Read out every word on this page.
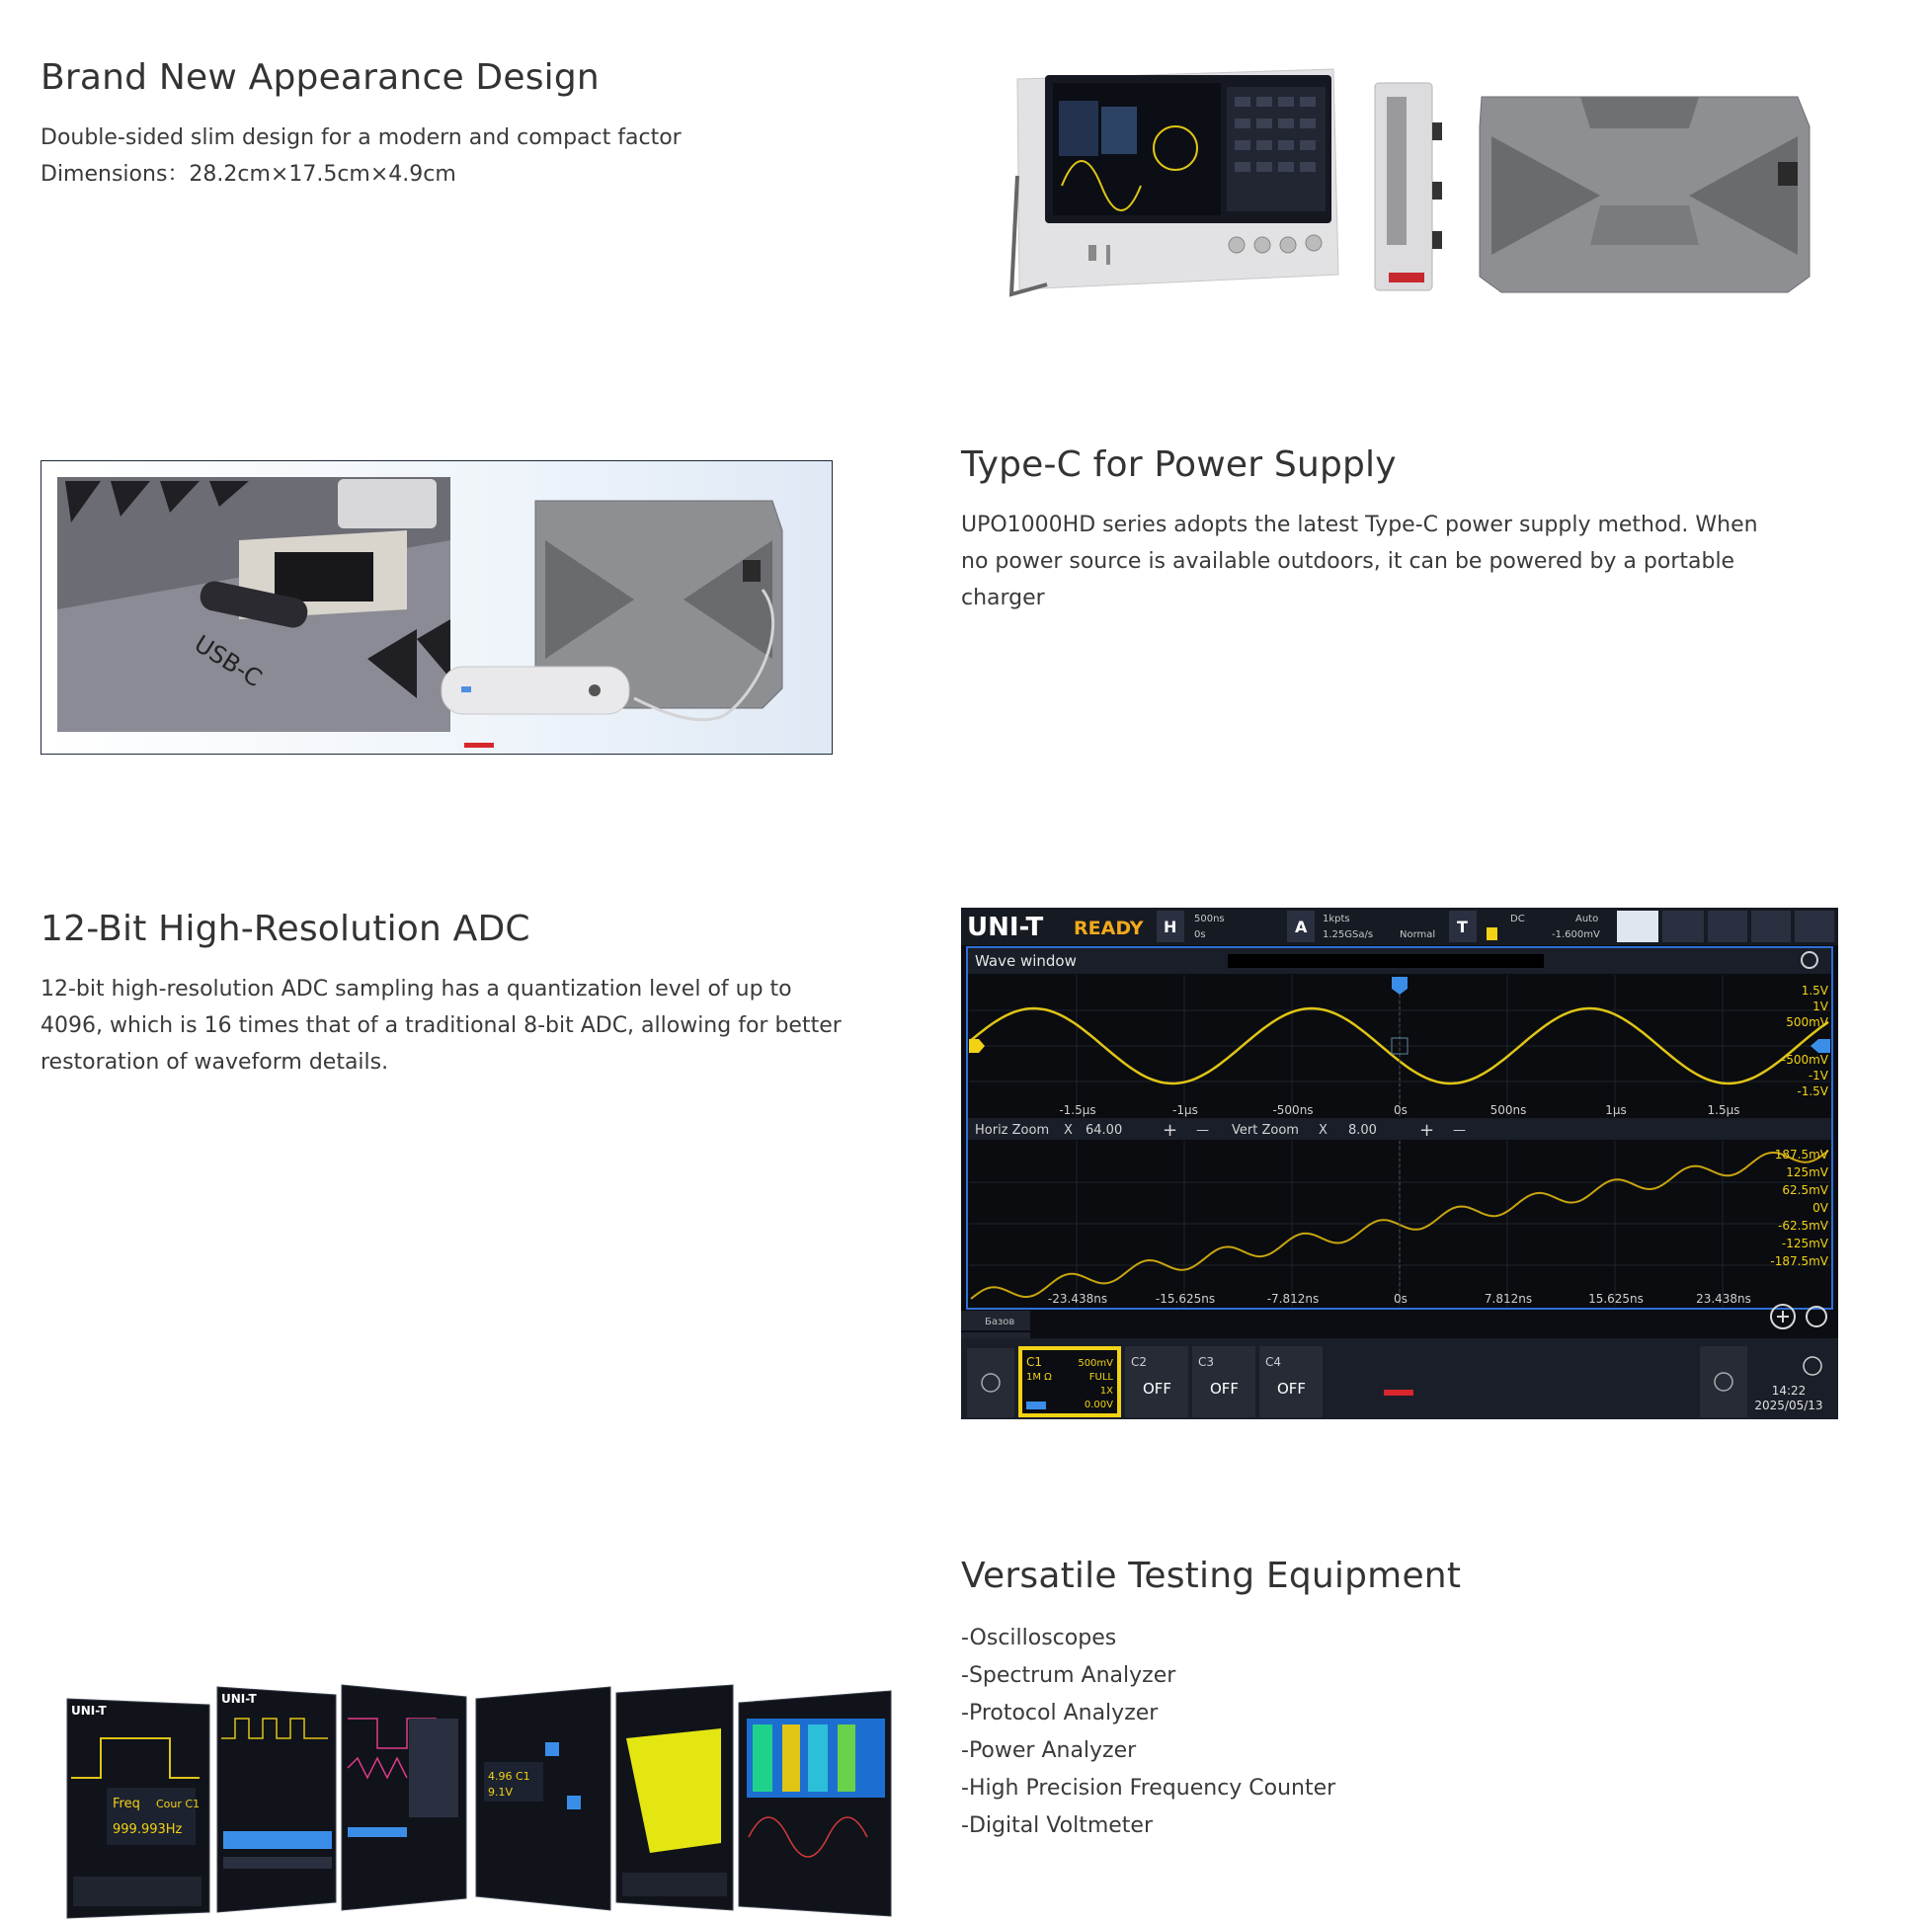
Brand New Appearance Design

Double-sided slim design for a modern and compact factor

Dimensions：28.2cm×17.5cm×4.9cm

USB-C
Type-C for Power Supply

UPO1000HD series adopts the latest Type-C power supply method. When

no power source is available outdoors, it can be powered by a portable

charger

12-Bit High-Resolution ADC

12-bit high-resolution ADC sampling has a quantization level of up to

4096, which is 16 times that of a traditional 8-bit ADC, allowing for better

restoration of waveform details.

UNI-T READY H 500ns
0s	A 1kpts
1.25GSa/s	Normal T	DC	Auto
-1.600mV
Wave window
Horiz Zoom X 64.00 + — Vert Zoom X 8.00 + —
1.5V
1V
500mV
-500mV
-1V
-1.5V
-1.5μs	-1μs	-500ns	0s	500ns	1μs	1.5μs
187.5mV
125mV
62.5mV
0V
-62.5mV
-125mV
-187.5mV
-23.438ns	-15.625ns	-7.812ns	0s	7.812ns	15.625ns	23.438ns
Базов
C1
1M Ω
500mV
FULL
1X
0.00V
C2
OFF
C3
OFF
C4
OFF	14:22
2025/05/13
UNI-T
Freq Cour C1
999.993Hz
UNI-T
4.96 C1
9.1V
Versatile Testing Equipment

-Oscilloscopes

-Spectrum Analyzer

-Protocol Analyzer

-Power Analyzer

-High Precision Frequency Counter

-Digital Voltmeter
